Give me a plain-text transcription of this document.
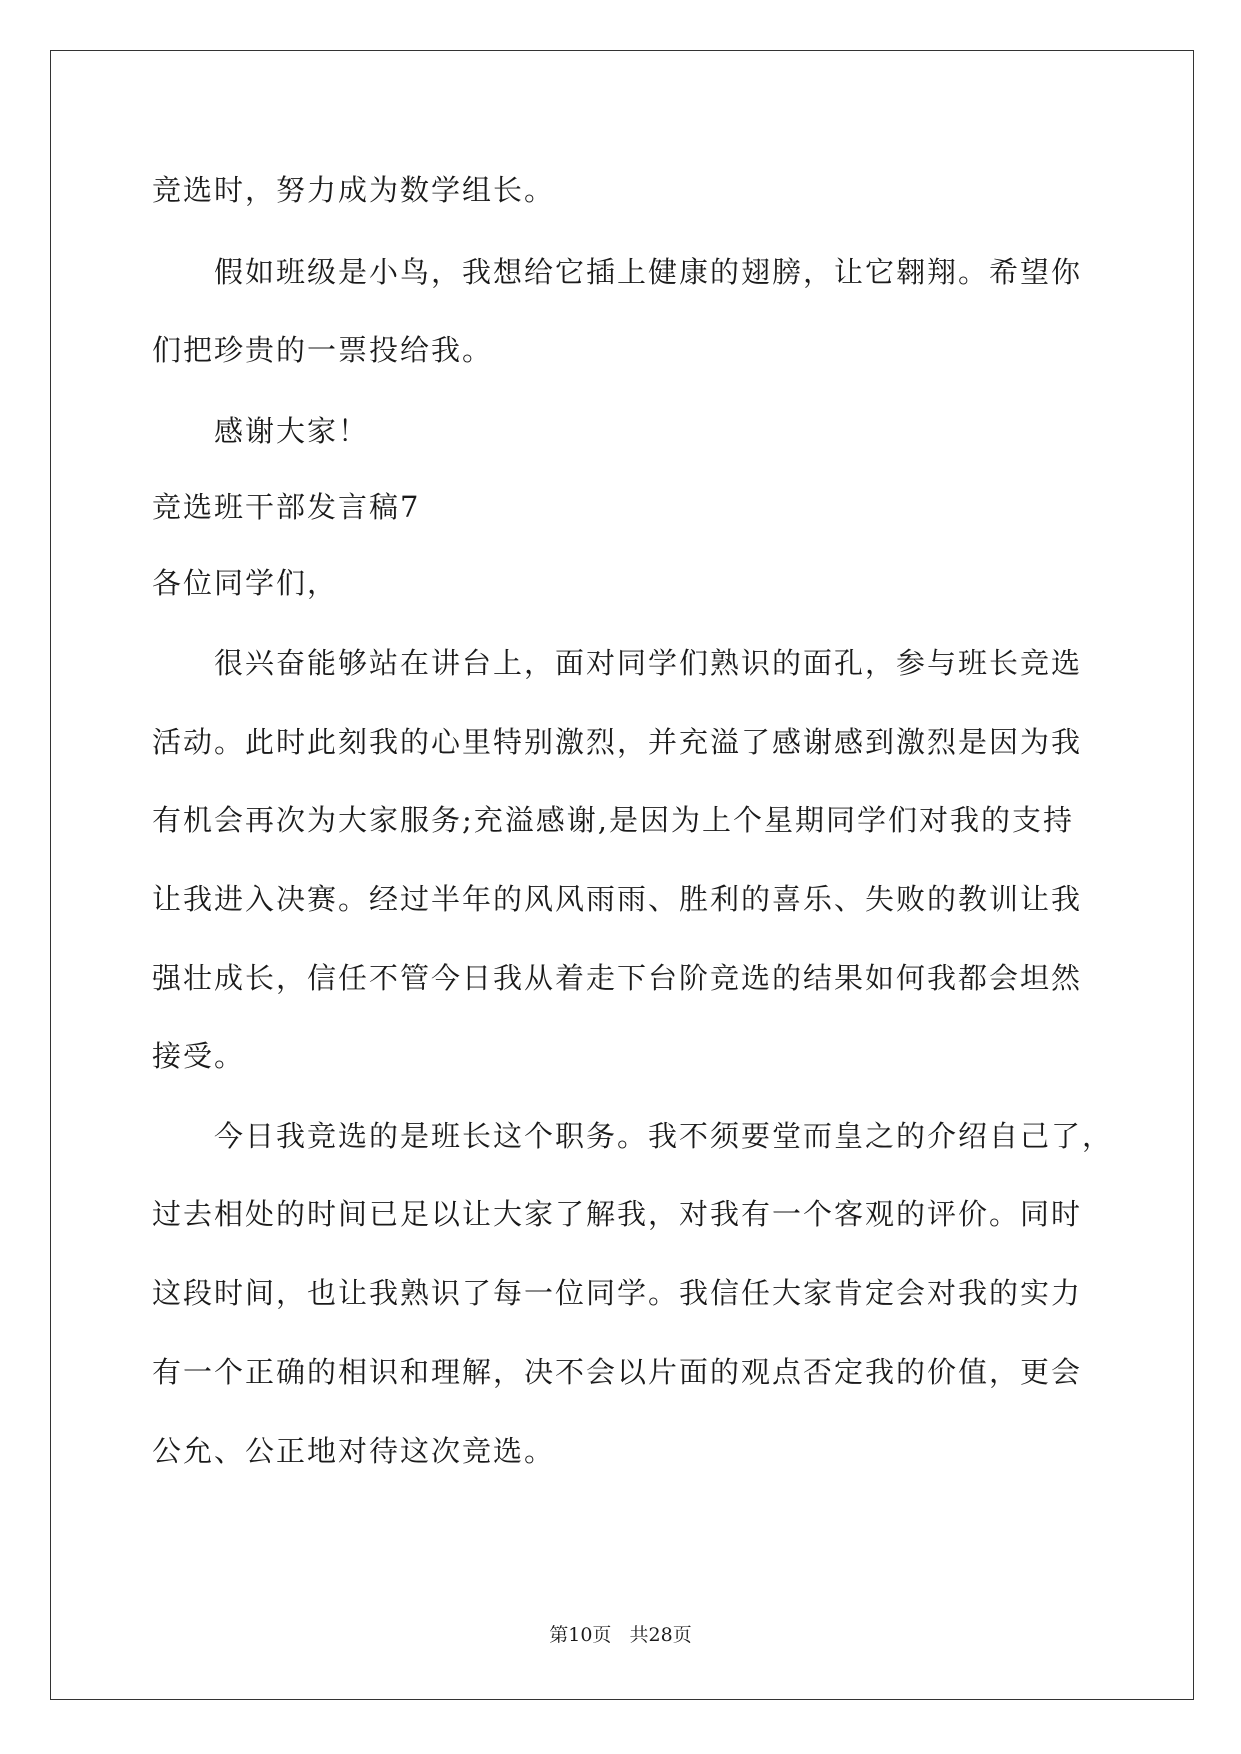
竞选时，努力成为数学组长。
假如班级是小鸟，我想给它插上健康的翅膀，让它翱翔。希望你
们把珍贵的一票投给我。
感谢大家！
竞选班干部发言稿7
各位同学们，
很兴奋能够站在讲台上，面对同学们熟识的面孔，参与班长竞选
活动。此时此刻我的心里特别激烈，并充溢了感谢感到激烈是因为我
有机会再次为大家服务;充溢感谢,是因为上个星期同学们对我的支持
让我进入决赛。经过半年的风风雨雨、胜利的喜乐、失败的教训让我
强壮成长，信任不管今日我从着走下台阶竞选的结果如何我都会坦然
接受。
今日我竞选的是班长这个职务。我不须要堂而皇之的介绍自己了，
过去相处的时间已足以让大家了解我，对我有一个客观的评价。同时
这段时间，也让我熟识了每一位同学。我信任大家肯定会对我的实力
有一个正确的相识和理解，决不会以片面的观点否定我的价值，更会
公允、公正地对待这次竞选。
第10页   共28页
